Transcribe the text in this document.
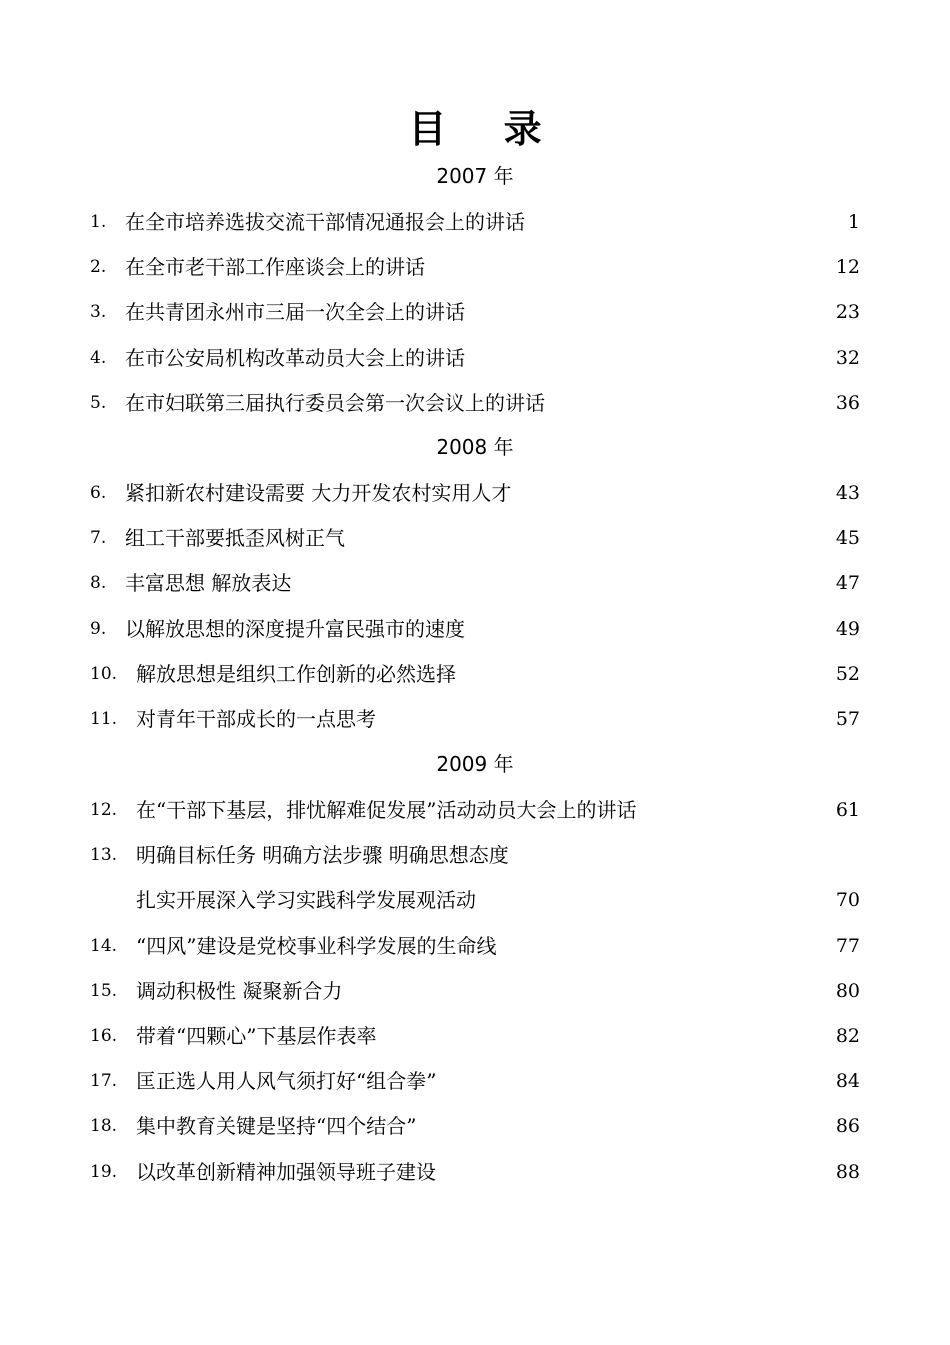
目 录
2007 年
1. 在全市培养选拔交流干部情况通报会上的讲话	1
2. 在全市老干部工作座谈会上的讲话	12
3. 在共青团永州市三届一次全会上的讲话	23
4. 在市公安局机构改革动员大会上的讲话	32
5. 在市妇联第三届执行委员会第一次会议上的讲话	36
2008 年
6. 紧扣新农村建设需要 大力开发农村实用人才	43
7. 组工干部要抵歪风树正气	45
8. 丰富思想 解放表达	47
9. 以解放思想的深度提升富民强市的速度	49
10. 解放思想是组织工作创新的必然选择	52
11. 对青年干部成长的一点思考	57
2009 年
12. 在“干部下基层，排忧解难促发展”活动动员大会上的讲话	61
13. 明确目标任务 明确方法步骤 明确思想态度
扎实开展深入学习实践科学发展观活动	70
14. “四风”建设是党校事业科学发展的生命线	77
15. 调动积极性 凝聚新合力	80
16. 带着“四颗心”下基层作表率	82
17. 匡正选人用人风气须打好“组合拳”	84
18. 集中教育关键是坚持“四个结合”	86
19. 以改革创新精神加强领导班子建设	88
